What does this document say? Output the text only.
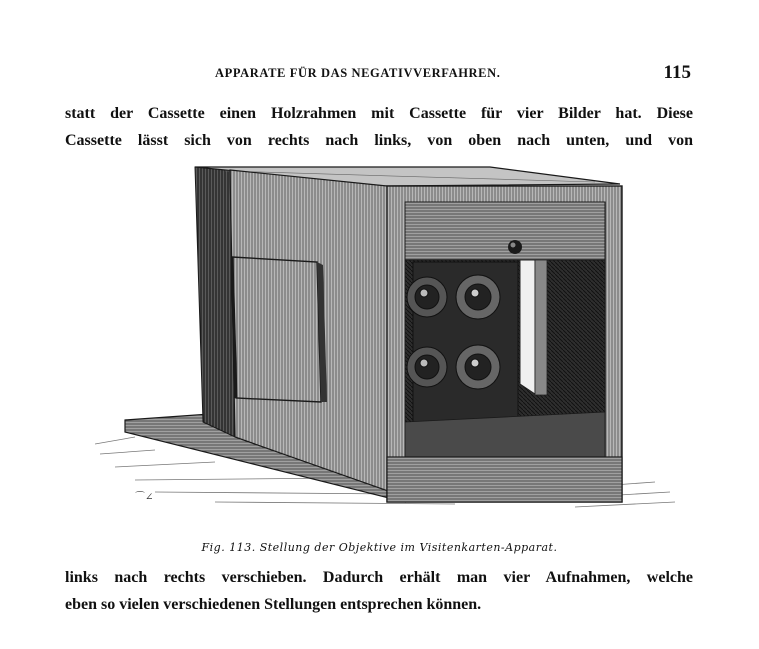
APPARATE FÜR DAS NEGATIVVERFAHREN.	115
statt der Cassette einen Holzrahmen mit Cassette für vier Bilder hat. Diese
Cassette lässt sich von rechts nach links, von oben nach unten, und von
⌒∠
Fig. 113. Stellung der Objektive im Visitenkarten-Apparat.
links nach rechts verschieben. Dadurch erhält man vier Aufnahmen, welche
eben so vielen verschiedenen Stellungen entsprechen können.
